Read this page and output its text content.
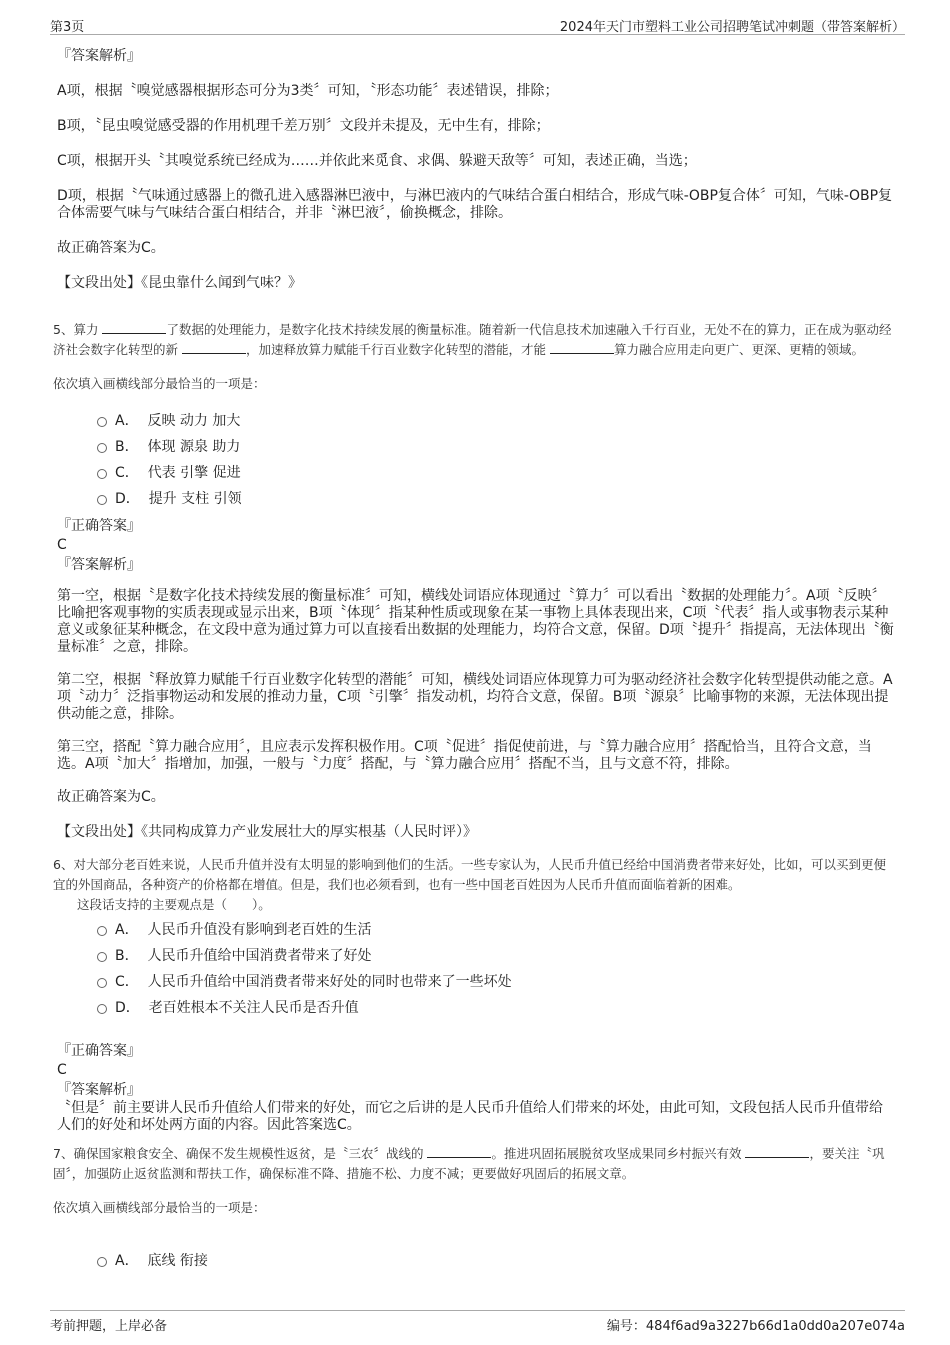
第3页	2024年天门市塑料工业公司招聘笔试冲刺题（带答案解析）

『答案解析』

A项，根据〝嗅觉感器根据形态可分为3类〞可知，〝形态功能〞表述错误，排除；

B项，〝昆虫嗅觉感受器的作用机理千差万别〞文段并未提及，无中生有，排除；

C项，根据开头〝其嗅觉系统已经成为……并依此来觅食、求偶、躲避天敌等〞可知，表述正确，当选；

D项，根据〝气味通过感器上的微孔进入感器淋巴液中，与淋巴液内的气味结合蛋白相结合，形成气味-OBP复合体〞可知，气味-OBP复合体需要气味与气味结合蛋白相结合，并非〝淋巴液〞，偷换概念，排除。

故正确答案为C。

【文段出处】《昆虫靠什么闻到气味？》

5、算力	了数据的处理能力，是数字化技术持续发展的衡量标准。随着新一代信息技术加速融入千行百业，无处不在的算力，正在成为驱动经济社会数字化转型的新	，加速释放算力赋能千行百业数字化转型的潜能，才能	算力融合应用走向更广、更深、更精的领域。

依次填入画横线部分最恰当的一项是：

A． 反映 动力 加大
B． 体现 源泉 助力
C． 代表 引擎 促进
D． 提升 支柱 引领

『正确答案』

C

『答案解析』

第一空，根据〝是数字化技术持续发展的衡量标准〞可知，横线处词语应体现通过〝算力〞可以看出〝数据的处理能力〞。A项〝反映〞比喻把客观事物的实质表现或显示出来，B项〝体现〞指某种性质或现象在某一事物上具体表现出来，C项〝代表〞指人或事物表示某种意义或象征某种概念，在文段中意为通过算力可以直接看出数据的处理能力，均符合文意，保留。D项〝提升〞指提高，无法体现出〝衡量标准〞之意，排除。

第二空，根据〝释放算力赋能千行百业数字化转型的潜能〞可知，横线处词语应体现算力可为驱动经济社会数字化转型提供动能之意。A项〝动力〞泛指事物运动和发展的推动力量，C项〝引擎〞指发动机，均符合文意，保留。B项〝源泉〞比喻事物的来源，无法体现出提供动能之意，排除。

第三空，搭配〝算力融合应用〞，且应表示发挥积极作用。C项〝促进〞指促使前进，与〝算力融合应用〞搭配恰当，且符合文意，当选。A项〝加大〞指增加，加强，一般与〝力度〞搭配，与〝算力融合应用〞搭配不当，且与文意不符，排除。

故正确答案为C。

【文段出处】《共同构成算力产业发展壮大的厚实根基（人民时评）》

6、对大部分老百姓来说，人民币升值并没有太明显的影响到他们的生活。一些专家认为，人民币升值已经给中国消费者带来好处，比如，可以买到更便宜的外国商品，各种资产的价格都在增值。但是，我们也必须看到，也有一些中国老百姓因为人民币升值而面临着新的困难。

这段话支持的主要观点是（　　）。

A． 人民币升值没有影响到老百姓的生活
B． 人民币升值给中国消费者带来了好处
C． 人民币升值给中国消费者带来好处的同时也带来了一些坏处
D． 老百姓根本不关注人民币是否升值

『正确答案』

C

『答案解析』

〝但是〞前主要讲人民币升值给人们带来的好处，而它之后讲的是人民币升值给人们带来的坏处，由此可知，文段包括人民币升值带给人们的好处和坏处两方面的内容。因此答案选C。

7、确保国家粮食安全、确保不发生规模性返贫，是〝三农〞战线的	。推进巩固拓展脱贫攻坚成果同乡村振兴有效	，要关注〝巩固〞，加强防止返贫监测和帮扶工作，确保标准不降、措施不松、力度不减；更要做好巩固后的拓展文章。

依次填入画横线部分最恰当的一项是：

A． 底线 衔接
考前押题，上岸必备	编号：484f6ad9a3227b66d1a0dd0a207e074a
